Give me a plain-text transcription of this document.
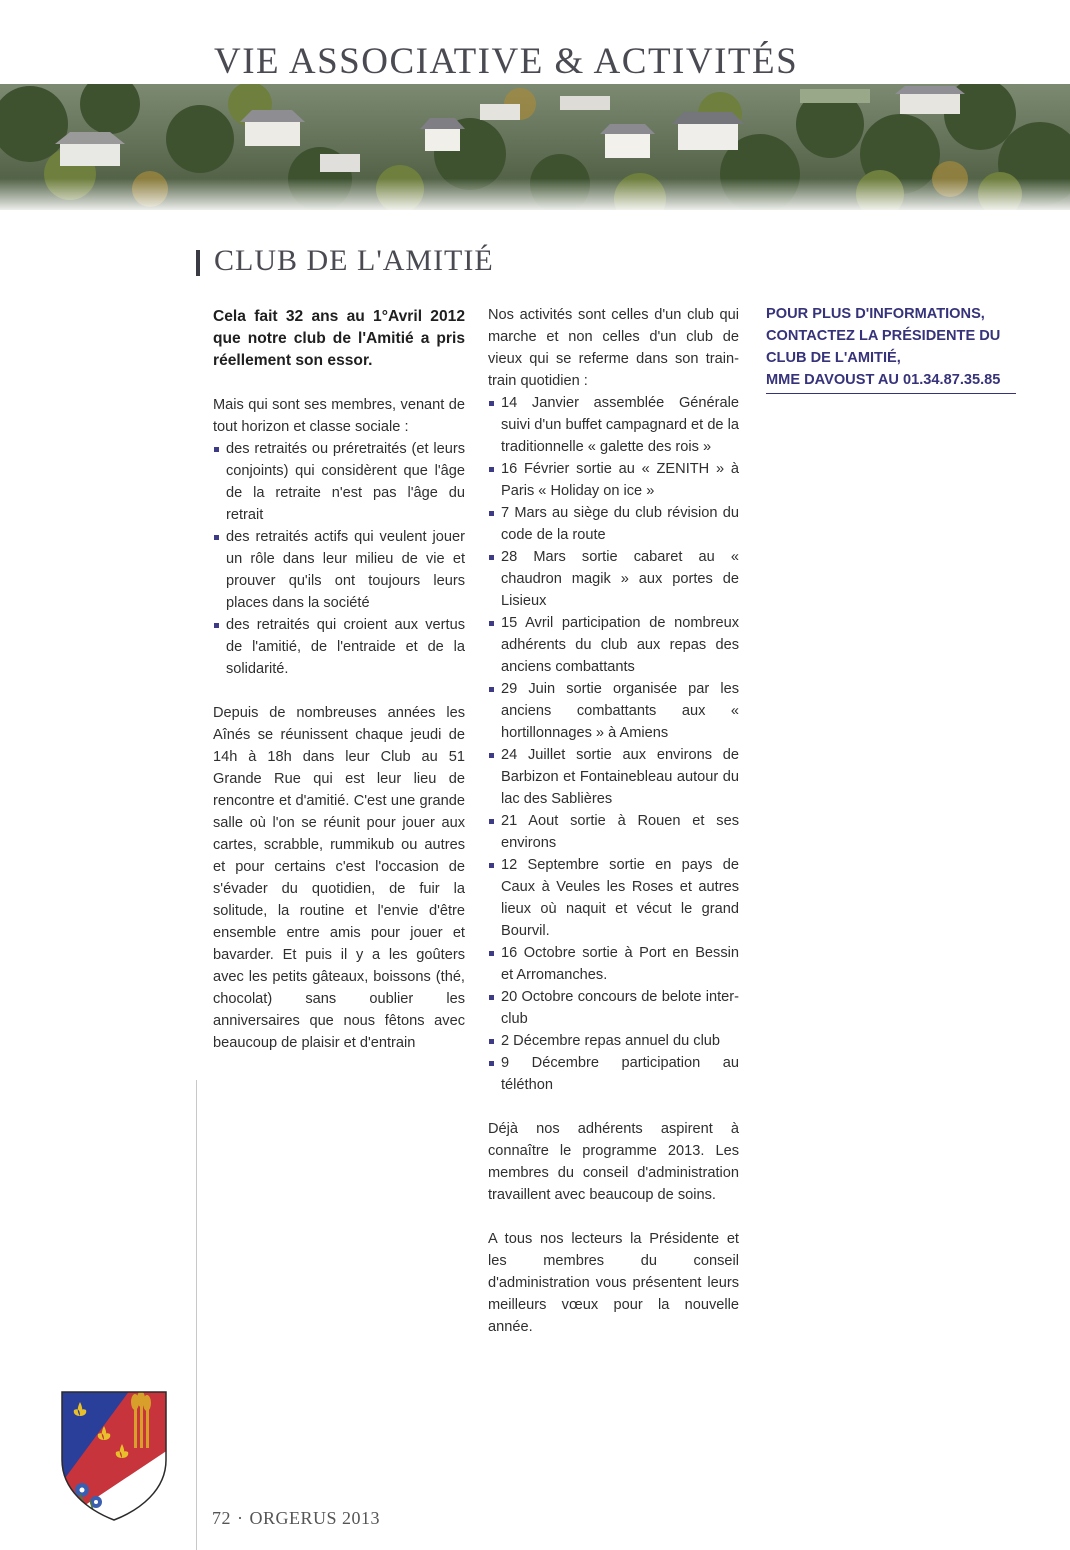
VIE ASSOCIATIVE & ACTIVITÉS
CLUB DE L'AMITIÉ

Cela fait 32 ans au 1°Avril 2012 que notre club de l'Amitié a pris réellement son essor.

Mais qui sont ses membres, venant de tout horizon et classe sociale :

des retraités ou préretraités (et leurs conjoints) qui considèrent que l'âge de la retraite n'est pas l'âge du retrait
des retraités actifs qui veulent jouer un rôle dans leur milieu de vie et prouver qu'ils ont toujours leurs places dans la société
des retraités qui croient aux vertus de l'amitié, de l'entraide et de la solidarité.

Depuis de nombreuses années les Aînés se réunissent chaque jeudi de 14h à 18h dans leur Club au 51 Grande Rue qui est leur lieu de rencontre et d'amitié. C'est une grande salle où l'on se réunit pour jouer aux cartes, scrabble, rummikub ou autres et pour certains c'est l'occasion de s'évader du quotidien, de fuir la solitude, la routine et l'envie d'être ensemble entre amis pour jouer et bavarder. Et puis il y a les goûters avec les petits gâteaux, boissons (thé, chocolat) sans oublier les anniversaires que nous fêtons avec beaucoup de plaisir et d'entrain

Nos activités sont celles d'un club qui marche et non celles d'un club de vieux qui se referme dans son train-train quotidien :

14 Janvier assemblée Générale suivi d'un buffet campagnard et de la traditionnelle « galette des rois »
16 Février sortie au « ZENITH » à Paris « Holiday on ice »
7 Mars au siège du club révision du code de la route
28 Mars sortie cabaret au « chaudron magik » aux portes de Lisieux
15 Avril participation de nombreux adhérents du club aux repas des anciens combattants
29 Juin sortie organisée par les anciens combattants aux « hortillonnages » à Amiens
24 Juillet sortie aux environs de Barbizon et Fontainebleau autour du lac des Sablières
21 Aout sortie à Rouen et ses environs
12 Septembre sortie en pays de Caux à Veules les Roses et autres lieux où naquit et vécut le grand Bourvil.
16 Octobre sortie à Port en Bessin et Arromanches.
20 Octobre concours de belote inter-club
2 Décembre repas annuel du club
9 Décembre participation au téléthon

Déjà nos adhérents aspirent à connaître le programme 2013. Les membres du conseil d'administration travaillent avec beaucoup de soins.

A tous nos lecteurs la Présidente et les membres du conseil d'administration vous présentent leurs meilleurs vœux pour la nouvelle année.

POUR PLUS D'INFORMATIONS,
CONTACTEZ LA PRÉSIDENTE DU
CLUB DE L'AMITIÉ,
MME DAVOUST AU 01.34.87.35.85
72 · ORGERUS 2013
